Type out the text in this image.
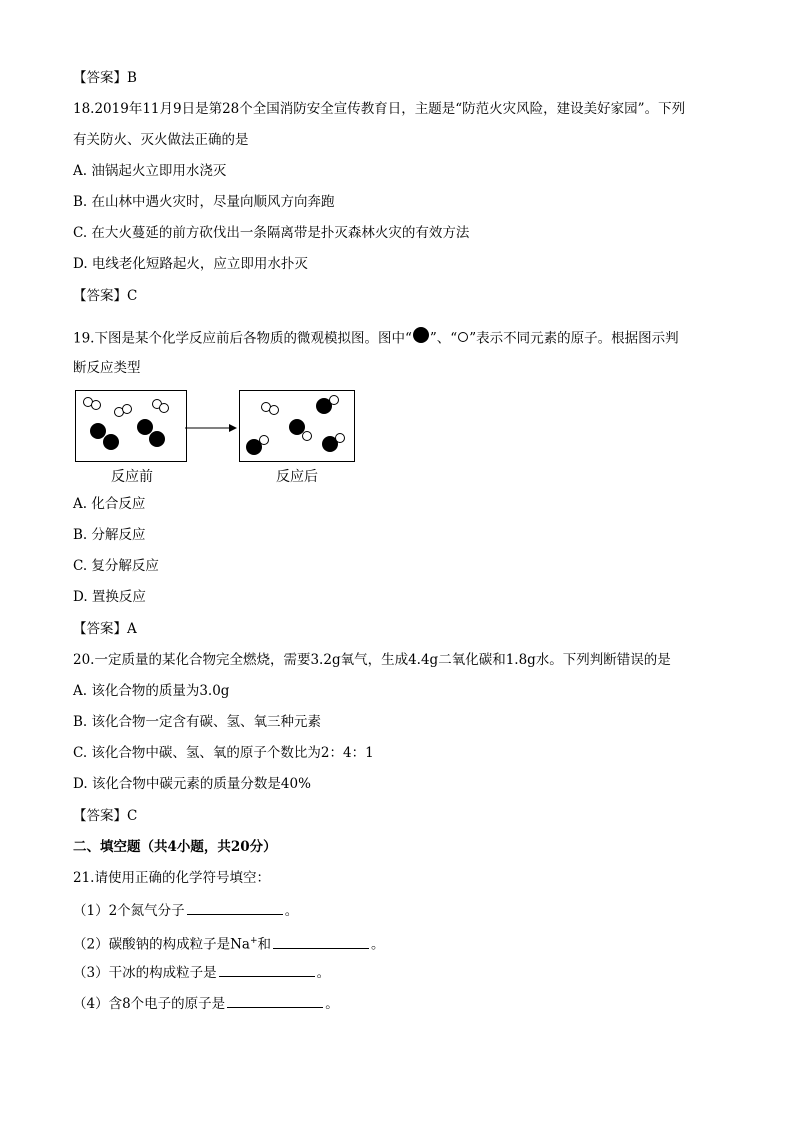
【答案】B
18.2019年11月9日是第28个全国消防安全宣传教育日，主题是“防范火灾风险，建设美好家园”。下列
有关防火、灭火做法正确的是
A. 油锅起火立即用水浇灭
B. 在山林中遇火灾时，尽量向顺风方向奔跑
C. 在大火蔓延的前方砍伐出一条隔离带是扑灭森林火灾的有效方法
D. 电线老化短路起火，应立即用水扑灭
【答案】C
19.下图是某个化学反应前后各物质的微观模拟图。图中“ ”、“ ”表示不同元素的原子。根据图示判
断反应类型
反应前	反应后
A. 化合反应
B. 分解反应
C. 复分解反应
D. 置换反应
【答案】A
20.一定质量的某化合物完全燃烧，需要3.2g氧气，生成4.4g二氧化碳和1.8g水。下列判断错误的是
A. 该化合物的质量为3.0g
B. 该化合物一定含有碳、氢、氧三种元素
C. 该化合物中碳、氢、氧的原子个数比为2：4：1
D. 该化合物中碳元素的质量分数是40%
【答案】C
二、填空题（共4小题，共20分）
21.请使用正确的化学符号填空：
（1）2个氮气分子	。
（2）碳酸钠的构成粒子是Na+和	。
（3）干冰的构成粒子是	。
（4）含8个电子的原子是	。
